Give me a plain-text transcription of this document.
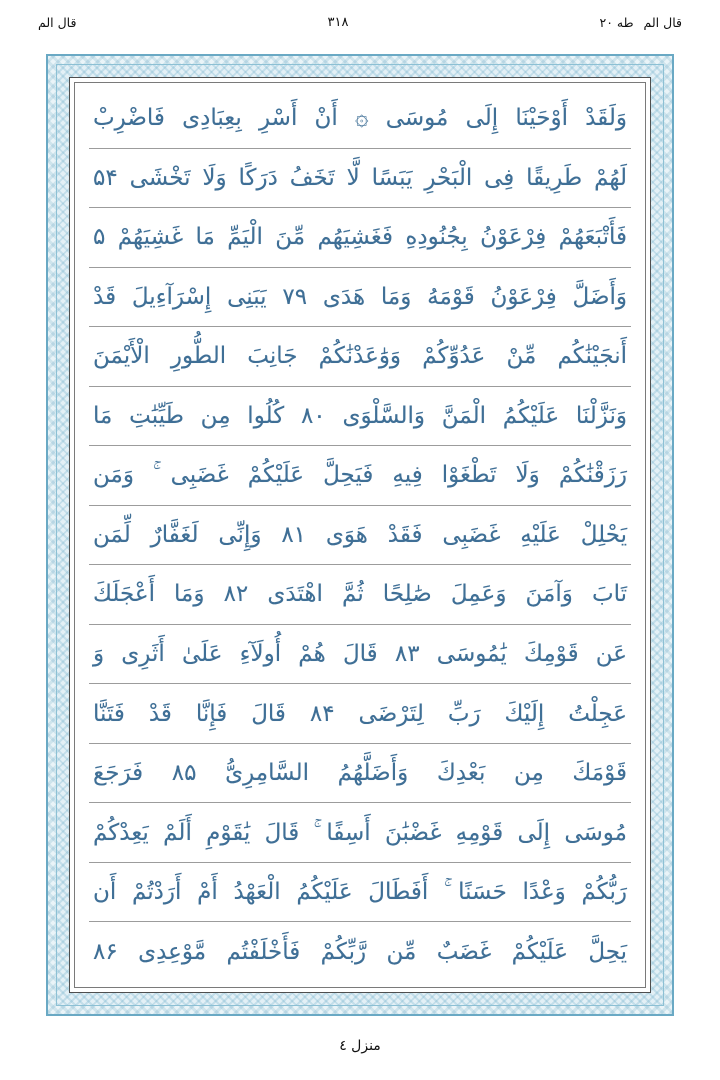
قال الم
طه ٢٠
٣١٨
قال الم
وَلَقَدْ أَوْحَيْنَا إِلَى مُوسَى ۞ أَنْ أَسْرِ بِعِبَادِى فَاضْرِبْ
لَهُمْ طَرِيقًا فِى الْبَحْرِ يَبَسًا لَّا تَخَفُ دَرَكًا وَلَا تَخْشَى ۵۴
فَأَتْبَعَهُمْ فِرْعَوْنُ بِجُنُودِهِ فَغَشِيَهُم مِّنَ الْيَمِّ مَا غَشِيَهُمْ ۵
وَأَضَلَّ فِرْعَوْنُ قَوْمَهُ وَمَا هَدَى ۷۹ يَبَنِى إِسْرَآءِيلَ قَدْ
أَنجَيْنَٰكُم مِّنْ عَدُوِّكُمْ وَوَٰعَدْنَٰكُمْ جَانِبَ الطُّورِ الْأَيْمَنَ
وَنَزَّلْنَا عَلَيْكُمُ الْمَنَّ وَالسَّلْوَى ۸۰ كُلُوا مِن طَيِّبَٰتِ مَا
رَزَقْنَٰكُمْ وَلَا تَطْغَوْا فِيهِ فَيَحِلَّ عَلَيْكُمْ غَضَبِى ۚ وَمَن
يَحْلِلْ عَلَيْهِ غَضَبِى فَقَدْ هَوَى ۸۱ وَإِنِّى لَغَفَّارٌ لِّمَن
تَابَ وَآمَنَ وَعَمِلَ صَٰلِحًا ثُمَّ اهْتَدَى ۸۲ وَمَا أَعْجَلَكَ
عَن قَوْمِكَ يَٰمُوسَى ۸۳ قَالَ هُمْ أُولَآءِ عَلَىٰ أَثَرِى وَ
عَجِلْتُ إِلَيْكَ رَبِّ لِتَرْضَى ۸۴ قَالَ فَإِنَّا قَدْ فَتَنَّا
قَوْمَكَ مِن بَعْدِكَ وَأَضَلَّهُمُ السَّامِرِىُّ ۸۵ فَرَجَعَ
مُوسَى إِلَى قَوْمِهِ غَضْبَٰنَ أَسِفًا ۚ قَالَ يَٰقَوْمِ أَلَمْ يَعِدْكُمْ
رَبُّكُمْ وَعْدًا حَسَنًا ۚ أَفَطَالَ عَلَيْكُمُ الْعَهْدُ أَمْ أَرَدْتُمْ أَن
يَحِلَّ عَلَيْكُمْ غَضَبٌ مِّن رَّبِّكُمْ فَأَخْلَفْتُم مَّوْعِدِى ۸۶
منزل ٤
